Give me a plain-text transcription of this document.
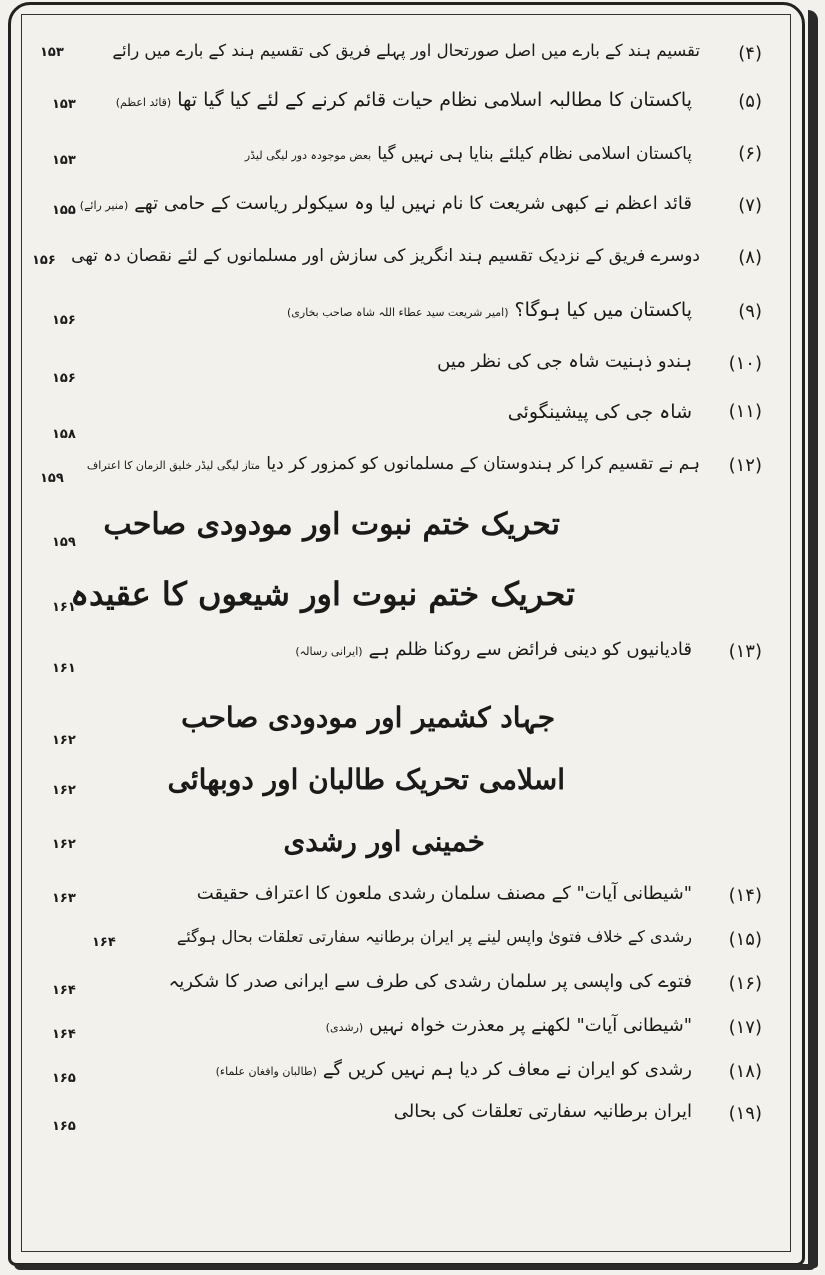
(۴)
تقسیم ہند کے بارے میں اصل صورتحال اور پہلے فریق کی تقسیم ہند کے بارے میں رائے
۱۵۳
(۵)
پاکستان کا مطالبہ اسلامی نظام حیات قائم کرنے کے لئے کیا گیا تھا(قائد اعظم)
۱۵۳
(۶)
پاکستان اسلامی نظام کیلئے بنایا ہی نہیں گیابعض موجودہ دور لیگی لیڈر
۱۵۳
(۷)
قائد اعظم نے کبھی شریعت کا نام نہیں لیا وہ سیکولر ریاست کے حامی تھے(منیر رائے)
۱۵۵
(۸)
دوسرے فریق کے نزدیک تقسیم ہند انگریز کی سازش اور مسلمانوں کے لئے نقصان دہ تھی
۱۵۶
(۹)
پاکستان میں کیا ہوگا؟(امیر شریعت سید عطاء اللہ شاہ صاحب بخاری)
۱۵۶
(۱۰)
ہندو ذہنیت شاہ جی کی نظر میں
۱۵۶
(۱۱)
شاہ جی کی پیشینگوئی
۱۵۸
(۱۲)
ہم نے تقسیم کرا کر ہندوستان کے مسلمانوں کو کمزور کر دیامتاز لیگی لیڈر خلیق الزمان کا اعتراف
۱۵۹
تحریک ختم نبوت اور مودودی صاحب
۱۵۹
تحریک ختم نبوت اور شیعوں کا عقیدہ
۱۶۱
(۱۳)
قادیانیوں کو دینی فرائض سے روکنا ظلم ہے(ایرانی رسالہ)
۱۶۱
جہاد کشمیر اور مودودی صاحب
۱۶۲
اسلامی تحریک طالبان اور دوبھائی
۱۶۲
خمینی اور رشدی
۱۶۲
(۱۴)
"شیطانی آیات" کے مصنف سلمان رشدی ملعون کا اعتراف حقیقت
۱۶۳
(۱۵)
رشدی کے خلاف فتویٰ واپس لینے پر ایران برطانیہ سفارتی تعلقات بحال ہوگئے
۱۶۴
(۱۶)
فتوے کی واپسی پر سلمان رشدی کی طرف سے ایرانی صدر کا شکریہ
۱۶۴
(۱۷)
"شیطانی آیات" لکھنے پر معذرت خواہ نہیں(رشدی)
۱۶۴
(۱۸)
رشدی کو ایران نے معاف کر دیا ہم نہیں کریں گے(طالبان وافغان علماء)
۱۶۵
(۱۹)
ایران برطانیہ سفارتی تعلقات کی بحالی
۱۶۵
